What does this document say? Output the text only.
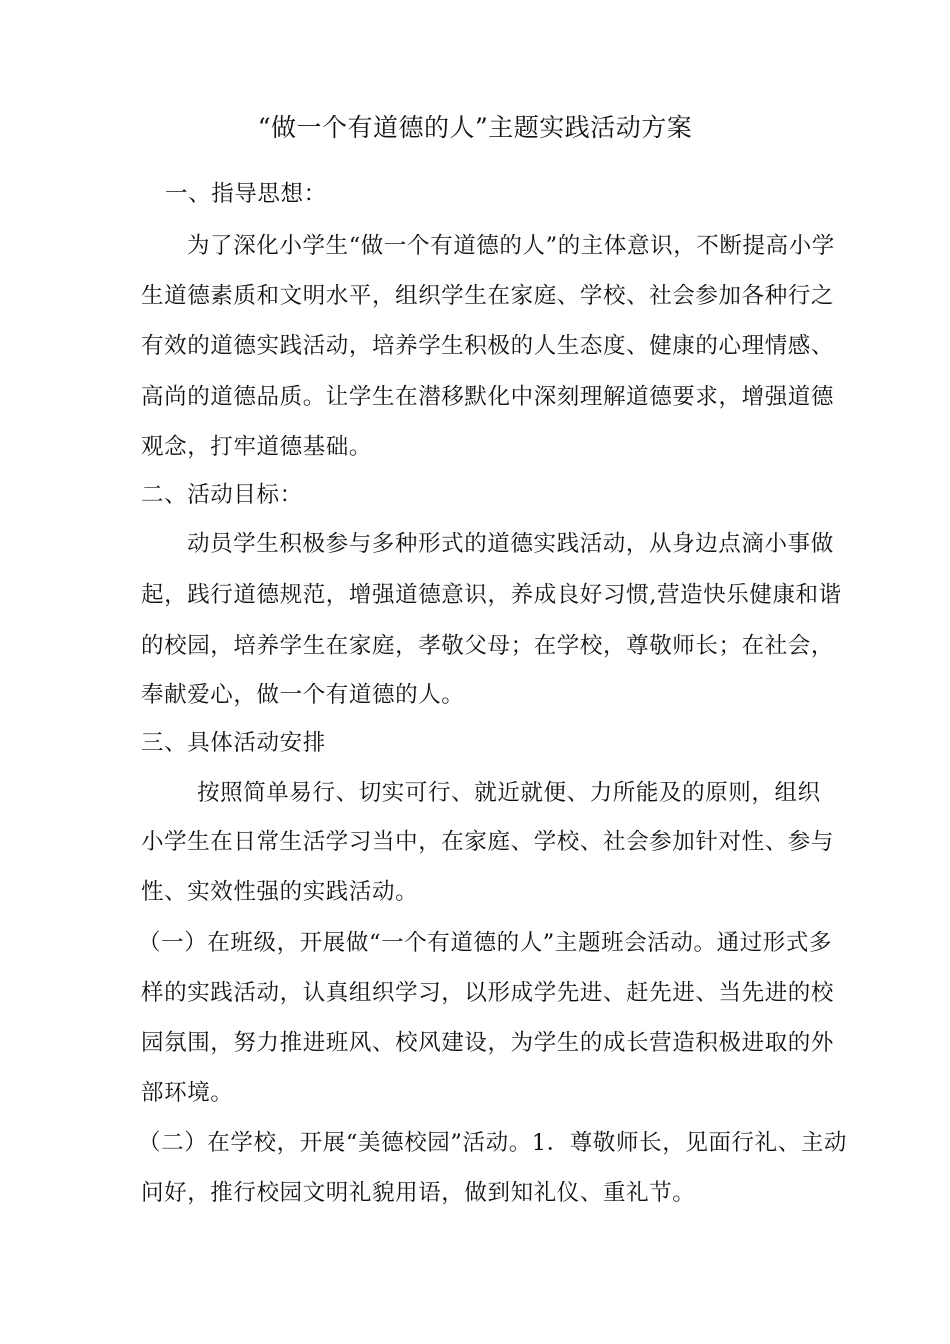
“做一个有道德的人”主题实践活动方案
一、指导思想：
为了深化小学生“做一个有道德的人”的主体意识，不断提高小学
生道德素质和文明水平，组织学生在家庭、学校、社会参加各种行之
有效的道德实践活动，培养学生积极的人生态度、健康的心理情感、
高尚的道德品质。让学生在潜移默化中深刻理解道德要求，增强道德
观念，打牢道德基础。
二、活动目标：
动员学生积极参与多种形式的道德实践活动，从身边点滴小事做
起，践行道德规范，增强道德意识，养成良好习惯,营造快乐健康和谐
的校园，培养学生在家庭，孝敬父母；在学校，尊敬师长；在社会，
奉献爱心，做一个有道德的人。
三、具体活动安排
按照简单易行、切实可行、就近就便、力所能及的原则，组织
小学生在日常生活学习当中，在家庭、学校、社会参加针对性、参与
性、实效性强的实践活动。
（一）在班级，开展做“一个有道德的人”主题班会活动。通过形式多
样的实践活动，认真组织学习，以形成学先进、赶先进、当先进的校
园氛围，努力推进班风、校风建设，为学生的成长营造积极进取的外
部环境。
（二）在学校，开展“美德校园”活动。1．尊敬师长，见面行礼、主动
问好，推行校园文明礼貌用语，做到知礼仪、重礼节。
